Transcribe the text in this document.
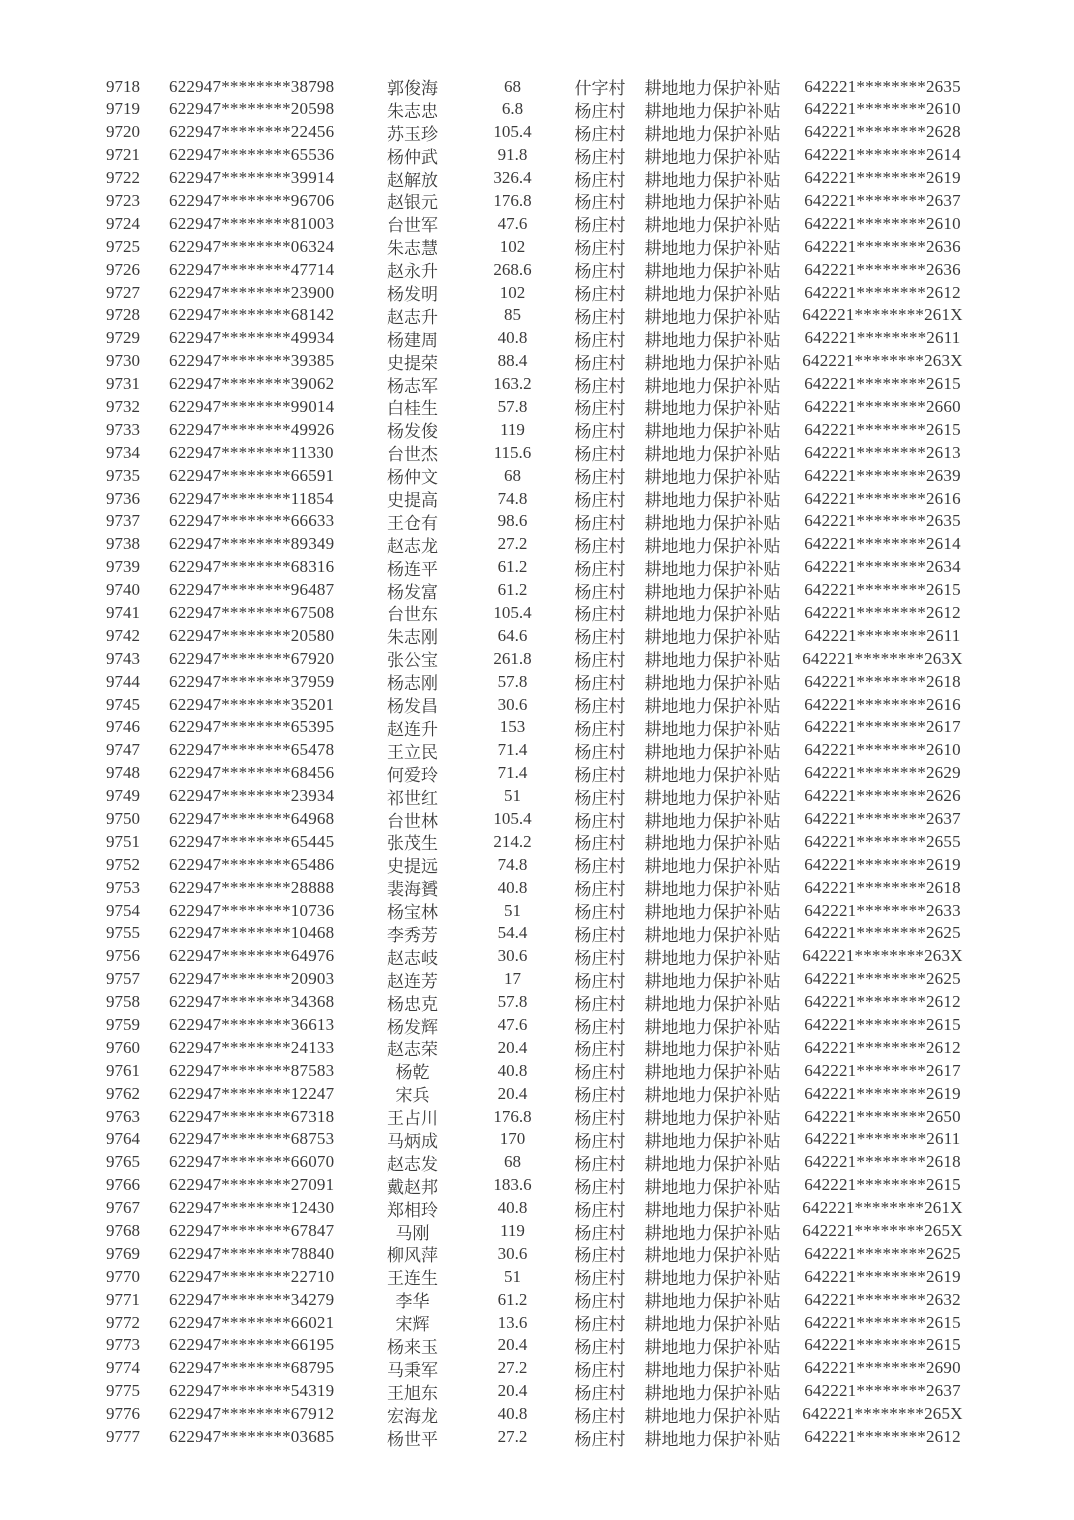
9718	622947********38798	郭俊海	68	什字村	耕地地力保护补贴	642221********2635
9719	622947********20598	朱志忠	6.8	杨庄村	耕地地力保护补贴	642221********2610
9720	622947********22456	苏玉珍	105.4	杨庄村	耕地地力保护补贴	642221********2628
9721	622947********65536	杨仲武	91.8	杨庄村	耕地地力保护补贴	642221********2614
9722	622947********39914	赵解放	326.4	杨庄村	耕地地力保护补贴	642221********2619
9723	622947********96706	赵银元	176.8	杨庄村	耕地地力保护补贴	642221********2637
9724	622947********81003	台世军	47.6	杨庄村	耕地地力保护补贴	642221********2610
9725	622947********06324	朱志慧	102	杨庄村	耕地地力保护补贴	642221********2636
9726	622947********47714	赵永升	268.6	杨庄村	耕地地力保护补贴	642221********2636
9727	622947********23900	杨发明	102	杨庄村	耕地地力保护补贴	642221********2612
9728	622947********68142	赵志升	85	杨庄村	耕地地力保护补贴	642221********261X
9729	622947********49934	杨建周	40.8	杨庄村	耕地地力保护补贴	642221********2611
9730	622947********39385	史提荣	88.4	杨庄村	耕地地力保护补贴	642221********263X
9731	622947********39062	杨志军	163.2	杨庄村	耕地地力保护补贴	642221********2615
9732	622947********99014	白桂生	57.8	杨庄村	耕地地力保护补贴	642221********2660
9733	622947********49926	杨发俊	119	杨庄村	耕地地力保护补贴	642221********2615
9734	622947********11330	台世杰	115.6	杨庄村	耕地地力保护补贴	642221********2613
9735	622947********66591	杨仲文	68	杨庄村	耕地地力保护补贴	642221********2639
9736	622947********11854	史提高	74.8	杨庄村	耕地地力保护补贴	642221********2616
9737	622947********66633	王仓有	98.6	杨庄村	耕地地力保护补贴	642221********2635
9738	622947********89349	赵志龙	27.2	杨庄村	耕地地力保护补贴	642221********2614
9739	622947********68316	杨连平	61.2	杨庄村	耕地地力保护补贴	642221********2634
9740	622947********96487	杨发富	61.2	杨庄村	耕地地力保护补贴	642221********2615
9741	622947********67508	台世东	105.4	杨庄村	耕地地力保护补贴	642221********2612
9742	622947********20580	朱志刚	64.6	杨庄村	耕地地力保护补贴	642221********2611
9743	622947********67920	张公宝	261.8	杨庄村	耕地地力保护补贴	642221********263X
9744	622947********37959	杨志刚	57.8	杨庄村	耕地地力保护补贴	642221********2618
9745	622947********35201	杨发昌	30.6	杨庄村	耕地地力保护补贴	642221********2616
9746	622947********65395	赵连升	153	杨庄村	耕地地力保护补贴	642221********2617
9747	622947********65478	王立民	71.4	杨庄村	耕地地力保护补贴	642221********2610
9748	622947********68456	何爱玲	71.4	杨庄村	耕地地力保护补贴	642221********2629
9749	622947********23934	祁世红	51	杨庄村	耕地地力保护补贴	642221********2626
9750	622947********64968	台世林	105.4	杨庄村	耕地地力保护补贴	642221********2637
9751	622947********65445	张茂生	214.2	杨庄村	耕地地力保护补贴	642221********2655
9752	622947********65486	史提远	74.8	杨庄村	耕地地力保护补贴	642221********2619
9753	622947********28888	裴海贇	40.8	杨庄村	耕地地力保护补贴	642221********2618
9754	622947********10736	杨宝林	51	杨庄村	耕地地力保护补贴	642221********2633
9755	622947********10468	李秀芳	54.4	杨庄村	耕地地力保护补贴	642221********2625
9756	622947********64976	赵志岐	30.6	杨庄村	耕地地力保护补贴	642221********263X
9757	622947********20903	赵连芳	17	杨庄村	耕地地力保护补贴	642221********2625
9758	622947********34368	杨忠克	57.8	杨庄村	耕地地力保护补贴	642221********2612
9759	622947********36613	杨发辉	47.6	杨庄村	耕地地力保护补贴	642221********2615
9760	622947********24133	赵志荣	20.4	杨庄村	耕地地力保护补贴	642221********2612
9761	622947********87583	杨乾	40.8	杨庄村	耕地地力保护补贴	642221********2617
9762	622947********12247	宋兵	20.4	杨庄村	耕地地力保护补贴	642221********2619
9763	622947********67318	王占川	176.8	杨庄村	耕地地力保护补贴	642221********2650
9764	622947********68753	马炳成	170	杨庄村	耕地地力保护补贴	642221********2611
9765	622947********66070	赵志发	68	杨庄村	耕地地力保护补贴	642221********2618
9766	622947********27091	戴赵邦	183.6	杨庄村	耕地地力保护补贴	642221********2615
9767	622947********12430	郑相玲	40.8	杨庄村	耕地地力保护补贴	642221********261X
9768	622947********67847	马刚	119	杨庄村	耕地地力保护补贴	642221********265X
9769	622947********78840	柳风萍	30.6	杨庄村	耕地地力保护补贴	642221********2625
9770	622947********22710	王连生	51	杨庄村	耕地地力保护补贴	642221********2619
9771	622947********34279	李华	61.2	杨庄村	耕地地力保护补贴	642221********2632
9772	622947********66021	宋辉	13.6	杨庄村	耕地地力保护补贴	642221********2615
9773	622947********66195	杨来玉	20.4	杨庄村	耕地地力保护补贴	642221********2615
9774	622947********68795	马秉军	27.2	杨庄村	耕地地力保护补贴	642221********2690
9775	622947********54319	王旭东	20.4	杨庄村	耕地地力保护补贴	642221********2637
9776	622947********67912	宏海龙	40.8	杨庄村	耕地地力保护补贴	642221********265X
9777	622947********03685	杨世平	27.2	杨庄村	耕地地力保护补贴	642221********2612
